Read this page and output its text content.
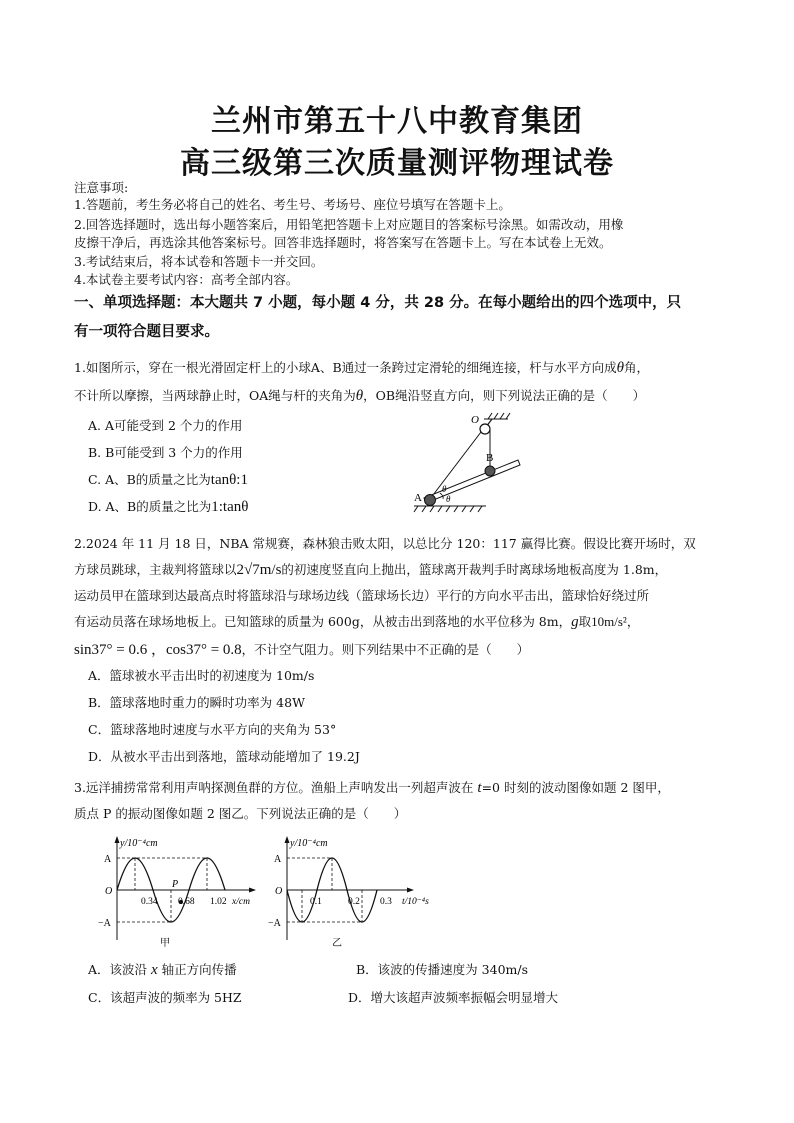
兰州市第五十八中教育集团
高三级第三次质量测评物理试卷
注意事项:
1.答题前，考生务必将自己的姓名、考生号、考场号、座位号填写在答题卡上。
2.回答选择题时，选出每小题答案后，用铅笔把答题卡上对应题目的答案标号涂黑。如需改动，用橡
皮擦干净后，再选涂其他答案标号。回答非选择题时，将答案写在答题卡上。写在本试卷上无效。
3.考试结束后，将本试卷和答题卡一并交回。
4.本试卷主要考试内容：高考全部内容。
一、单项选择题：本大题共 7 小题，每小题 4 分，共 28 分。在每小题给出的四个选项中，只
有一项符合题目要求。
1.如图所示，穿在一根光滑固定杆上的小球A、B通过一条跨过定滑轮的细绳连接，杆与水平方向成θ角，
不计所以摩擦，当两球静止时，OA绳与杆的夹角为θ，OB绳沿竖直方向，则下列说法正确的是（　　）
A. A可能受到 2 个力的作用
B. B可能受到 3 个力的作用
C. A、B的质量之比为tanθ:1
D. A、B的质量之比为1:tanθ
O
B
A
θ
θ
2.2024 年 11 月 18 日，NBA 常规赛，森林狼击败太阳，以总比分 120：117 赢得比赛。假设比赛开场时，双
方球员跳球，主裁判将篮球以2√7m/s的初速度竖直向上抛出，篮球离开裁判手时离球场地板高度为 1.8m，
运动员甲在篮球到达最高点时将篮球沿与球场边线（篮球场长边）平行的方向水平击出，篮球恰好绕过所
有运动员落在球场地板上。已知篮球的质量为 600g，从被击出到落地的水平位移为 8m，g取10m/s²，
sin37° = 0.6 ，cos37° = 0.8，不计空气阻力。则下列结果中不正确的是（　　）
A．篮球被水平击出时的初速度为 10m/s
B．篮球落地时重力的瞬时功率为 48W
C．篮球落地时速度与水平方向的夹角为 53°
D．从被水平击出到落地，篮球动能增加了 19.2J
3.远洋捕捞常常利用声呐探测鱼群的方位。渔船上声呐发出一列超声波在 t=0 时刻的波动图像如题 2 图甲，
质点 P 的振动图像如题 2 图乙。下列说法正确的是（　　）
y/10⁻⁴cm
A
O
−A
P
0.34 0.68 1.02 x/cm
甲
y/10⁻⁴cm
A
O
−A
0.1	0.2 0.3 t/10⁻⁴s
乙
A．该波沿 x 轴正方向传播	B．该波的传播速度为 340m/s
C．该超声波的频率为 5HZ	D．增大该超声波频率振幅会明显增大
